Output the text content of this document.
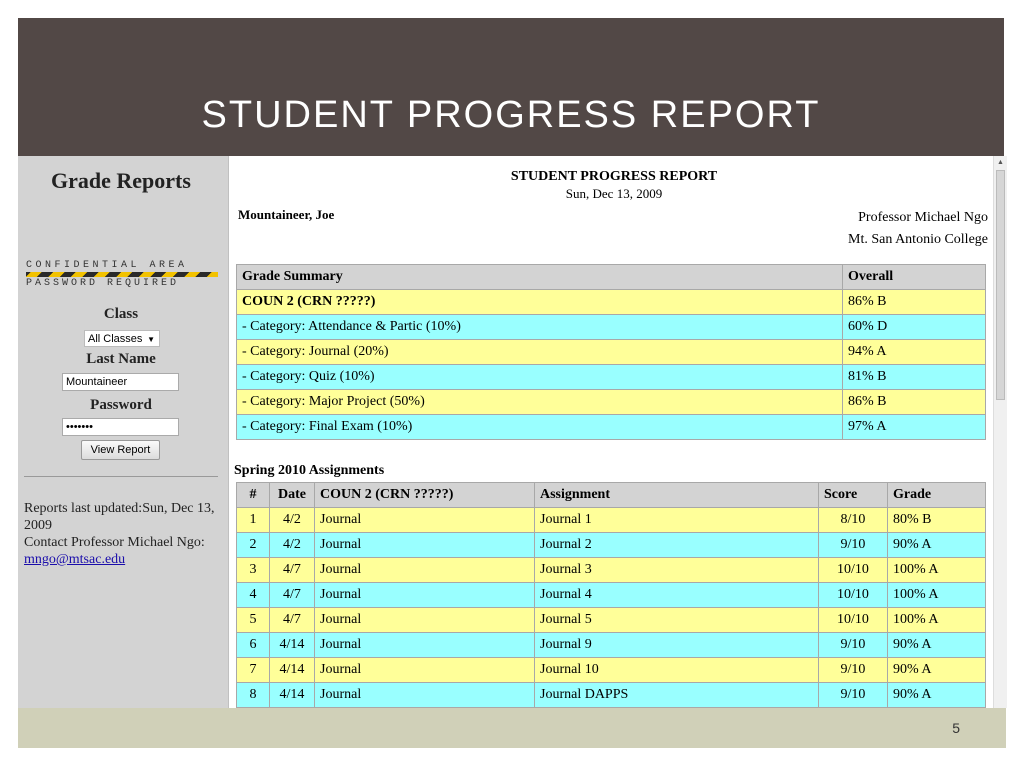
STUDENT PROGRESS REPORT
Grade Reports
CONFIDENTIAL AREA
PASSWORD REQUIRED
Class
All Classes ▼
Last Name
Mountaineer
Password
•••••••
View Report
Reports last updated:Sun, Dec 13, 2009
Contact Professor Michael Ngo:
mngo@mtsac.edu
STUDENT PROGRESS REPORT
Sun, Dec 13, 2009
Mountaineer, Joe	Professor Michael Ngo
Mt. San Antonio College
Grade Summary	Overall
COUN 2 (CRN ?????)	86% B
- Category: Attendance & Partic (10%)	60% D
- Category: Journal (20%)	94% A
- Category: Quiz (10%)	81% B
- Category: Major Project (50%)	86% B
- Category: Final Exam (10%)	97% A
Spring 2010 Assignments
#	Date	COUN 2 (CRN ?????)	Assignment	Score	Grade
1	4/2	Journal	Journal 1	8/10	80% B
2	4/2	Journal	Journal 2	9/10	90% A
3	4/7	Journal	Journal 3	10/10	100% A
4	4/7	Journal	Journal 4	10/10	100% A
5	4/7	Journal	Journal 5	10/10	100% A
6	4/14	Journal	Journal 9	9/10	90% A
7	4/14	Journal	Journal 10	9/10	90% A
8	4/14	Journal	Journal DAPPS	9/10	90% A
▲
5
